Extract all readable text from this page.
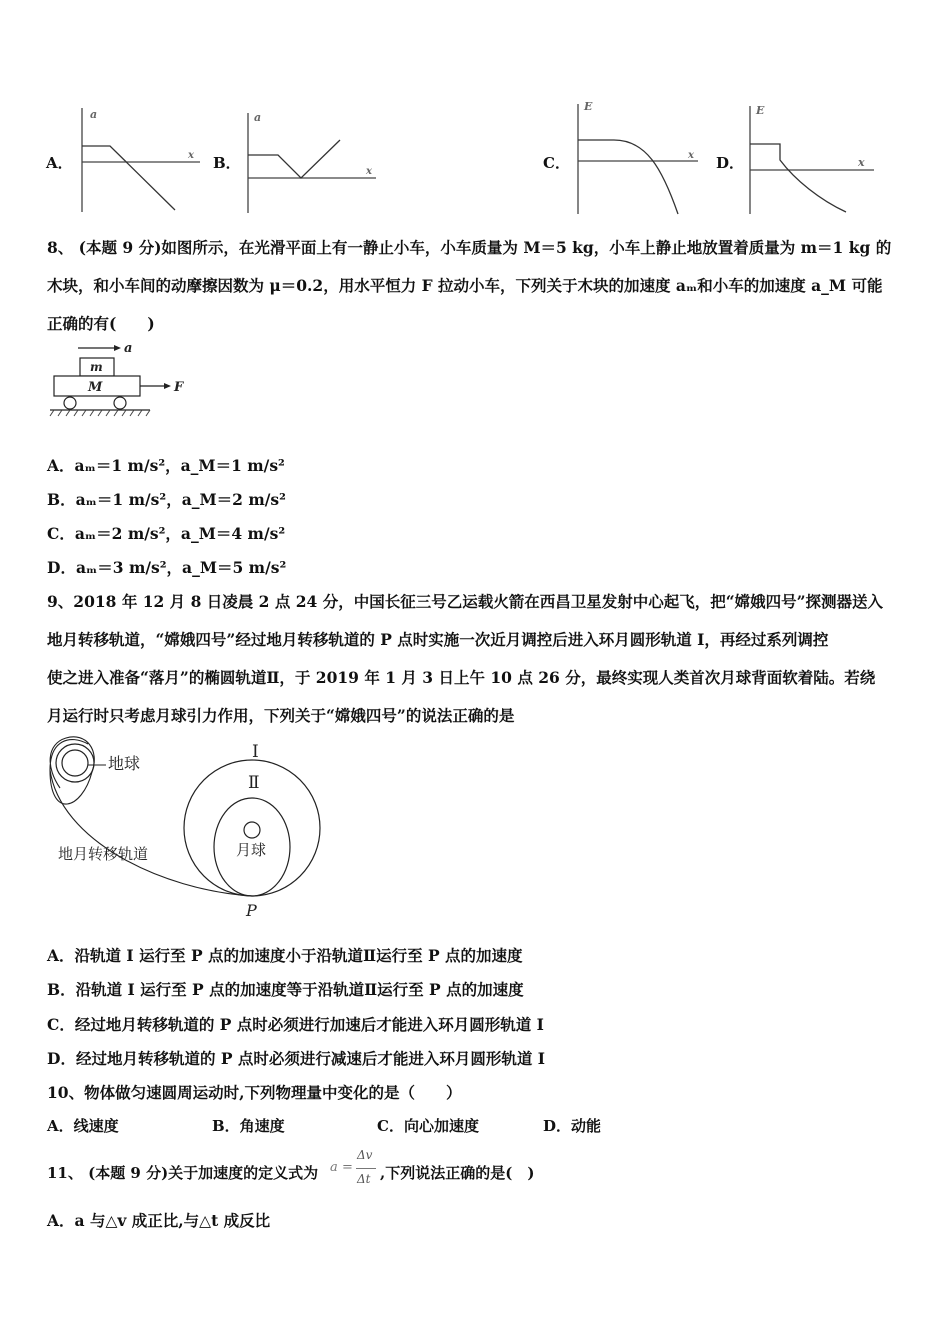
A．
a
x B．
a
x	C．
E
x D．
E
x
8、 (本题 9 分)如图所示，在光滑平面上有一静止小车，小车质量为 M＝5 kg，小车上静止地放置着质量为 m＝1 kg 的
木块，和小车间的动摩擦因数为 μ＝0.2，用水平恒力 F 拉动小车，下列关于木块的加速度 aₘ和小车的加速度 a_M 可能
正确的有(　　)
a
m
M	F
A．aₘ＝1 m/s²，a_M＝1 m/s²
B．aₘ＝1 m/s²，a_M＝2 m/s²
C．aₘ＝2 m/s²，a_M＝4 m/s²
D．aₘ＝3 m/s²，a_M＝5 m/s²
9、2018 年 12 月 8 日凌晨 2 点 24 分，中国长征三号乙运载火箭在西昌卫星发射中心起飞，把“嫦娥四号”探测器送入
地月转移轨道，“嫦娥四号”经过地月转移轨道的 P 点时实施一次近月调控后进入环月圆形轨道 I，再经过系列调控
使之进入准备“落月”的椭圆轨道Ⅱ，于 2019 年 1 月 3 日上午 10 点 26 分，最终实现人类首次月球背面软着陆。若绕
月运行时只考虑月球引力作用，下列关于“嫦娥四号”的说法正确的是
地球
地月转移轨道	月球
Ⅰ
Ⅱ
P
A．沿轨道 I 运行至 P 点的加速度小于沿轨道Ⅱ运行至 P 点的加速度
B．沿轨道 I 运行至 P 点的加速度等于沿轨道Ⅱ运行至 P 点的加速度
C．经过地月转移轨道的 P 点时必须进行加速后才能进入环月圆形轨道 I
D．经过地月转移轨道的 P 点时必须进行减速后才能进入环月圆形轨道 I
10、物体做匀速圆周运动时,下列物理量中变化的是（　　）
A．线速度	B．角速度	C．向心加速度	D．动能
11、 (本题 9 分)关于加速度的定义式为 a =
Δv
Δt ,下列说法正确的是(　)
A．a 与△v 成正比,与△t 成反比
